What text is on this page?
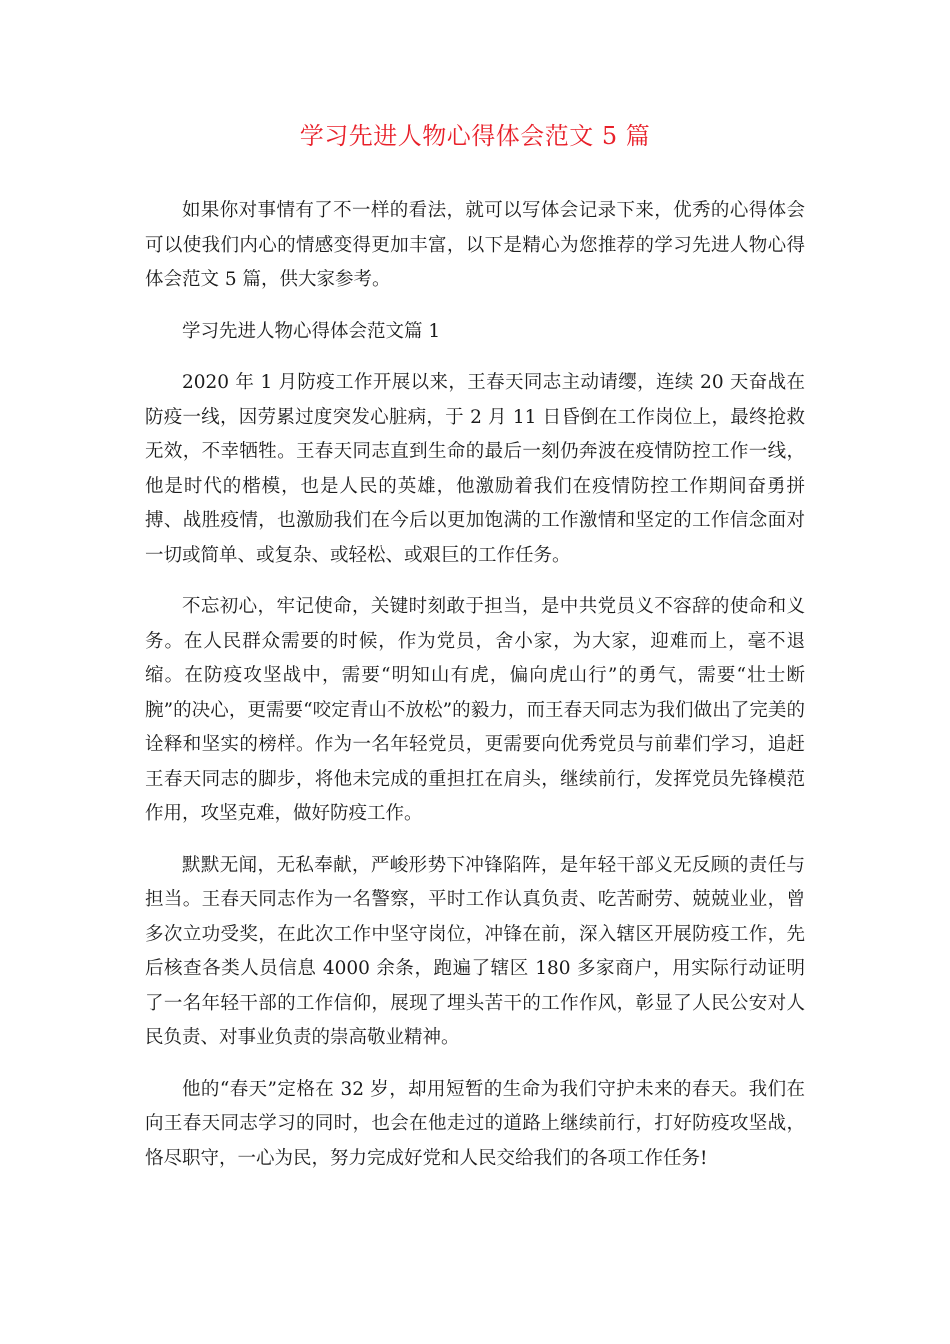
学习先进人物心得体会范文 5 篇

如果你对事情有了不一样的看法，就可以写体会记录下来，优秀的心得体会可以使我们内心的情感变得更加丰富，以下是精心为您推荐的学习先进人物心得体会范文 5 篇，供大家参考。

学习先进人物心得体会范文篇 1

2020 年 1 月防疫工作开展以来，王春天同志主动请缨，连续 20 天奋战在防疫一线，因劳累过度突发心脏病，于 2 月 11 日昏倒在工作岗位上，最终抢救无效，不幸牺牲。王春天同志直到生命的最后一刻仍奔波在疫情防控工作一线，他是时代的楷模，也是人民的英雄，他激励着我们在疫情防控工作期间奋勇拼搏、战胜疫情，也激励我们在今后以更加饱满的工作激情和坚定的工作信念面对一切或简单、或复杂、或轻松、或艰巨的工作任务。

不忘初心，牢记使命，关键时刻敢于担当，是中共党员义不容辞的使命和义务。在人民群众需要的时候，作为党员，舍小家，为大家，迎难而上，毫不退缩。在防疫攻坚战中，需要“明知山有虎，偏向虎山行”的勇气，需要“壮士断腕”的决心，更需要“咬定青山不放松”的毅力，而王春天同志为我们做出了完美的诠释和坚实的榜样。作为一名年轻党员，更需要向优秀党员与前辈们学习，追赶王春天同志的脚步，将他未完成的重担扛在肩头，继续前行，发挥党员先锋模范作用，攻坚克难，做好防疫工作。

默默无闻，无私奉献，严峻形势下冲锋陷阵，是年轻干部义无反顾的责任与担当。王春天同志作为一名警察，平时工作认真负责、吃苦耐劳、兢兢业业，曾多次立功受奖，在此次工作中坚守岗位，冲锋在前，深入辖区开展防疫工作，先后核查各类人员信息 4000 余条，跑遍了辖区 180 多家商户，用实际行动证明了一名年轻干部的工作信仰，展现了埋头苦干的工作作风，彰显了人民公安对人民负责、对事业负责的崇高敬业精神。

他的“春天”定格在 32 岁，却用短暂的生命为我们守护未来的春天。我们在向王春天同志学习的同时，也会在他走过的道路上继续前行，打好防疫攻坚战，恪尽职守，一心为民，努力完成好党和人民交给我们的各项工作任务!
